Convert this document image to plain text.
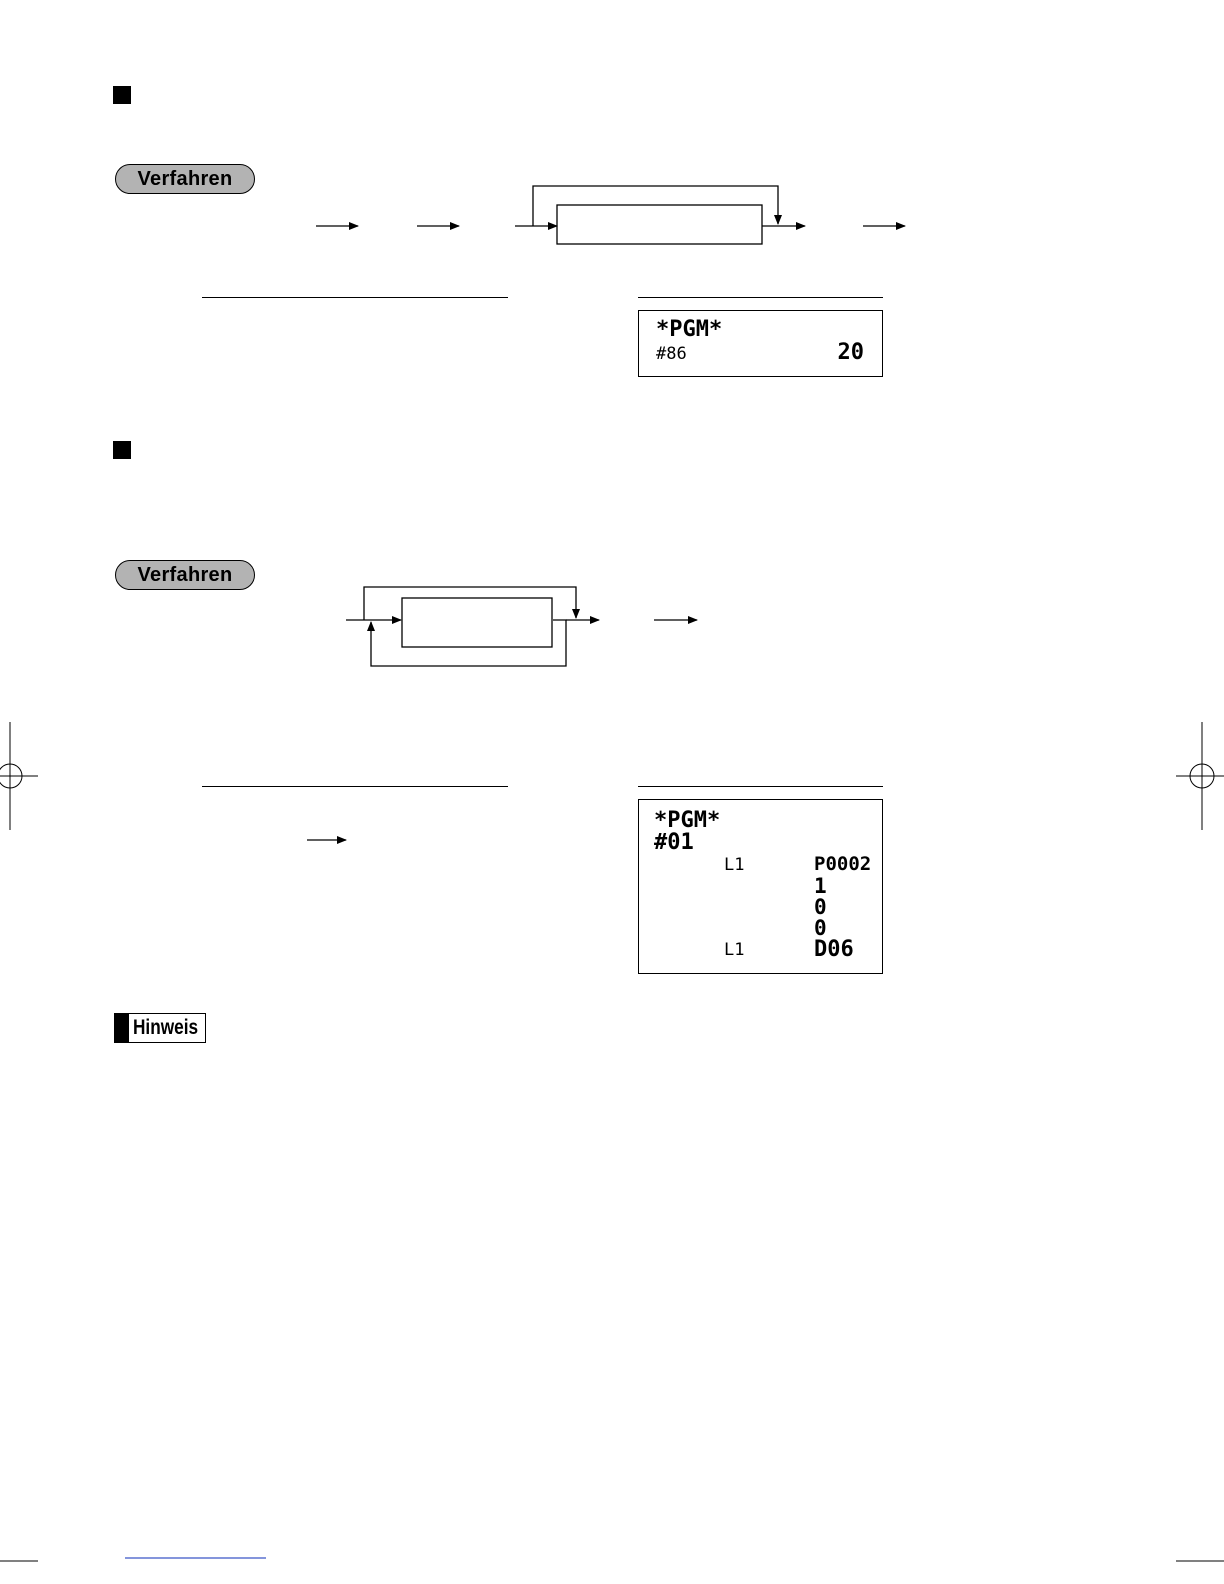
Verfahren
*PGM*
#86	20
Verfahren
*PGM*
#01
L1	P0002
1
0
0
L1	D06
Hinweis
